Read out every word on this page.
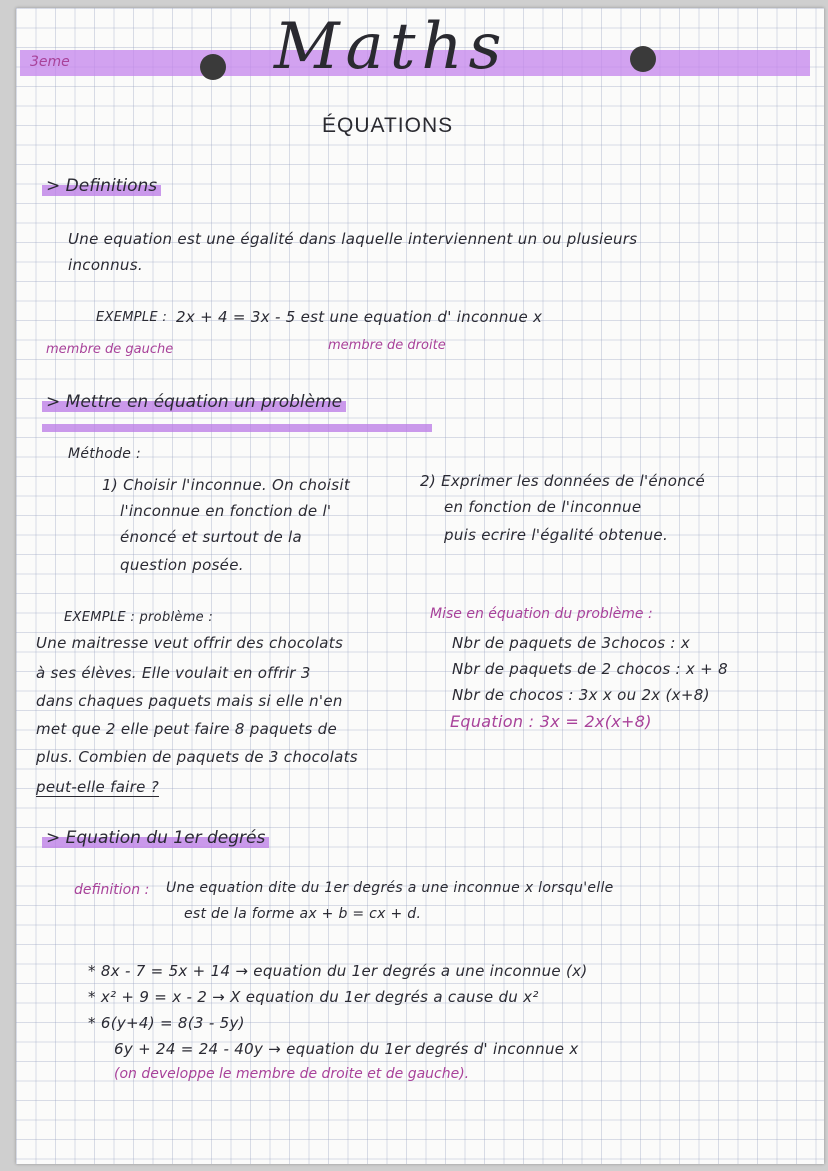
3eme	Maths
ÉQUATIONS
> Definitions
Une equation est une égalité dans laquelle interviennent un ou plusieurs
inconnus.
EXEMPLE : 2x + 4 = 3x - 5 est une equation d' inconnue x
membre de gauche	membre de droite
> Mettre en équation un problème
Méthode :
1) Choisir l'inconnue. On choisit
l'inconnue en fonction de l'
énoncé et surtout de la
question posée.
2) Exprimer les données de l'énoncé
en fonction de l'inconnue
puis ecrire l'égalité obtenue.
EXEMPLE : problème :
Une maitresse veut offrir des chocolats
à ses élèves. Elle voulait en offrir 3
dans chaques paquets mais si elle n'en
met que 2 elle peut faire 8 paquets de
plus. Combien de paquets de 3 chocolats
peut-elle faire ?
Mise en équation du problème :
Nbr de paquets de 3chocos : x
Nbr de paquets de 2 chocos : x + 8
Nbr de chocos : 3x x ou 2x (x+8)
Equation : 3x = 2x(x+8)
> Equation du 1er degrés
definition : Une equation dite du 1er degrés a une inconnue x lorsqu'elle
est de la forme ax + b = cx + d.
* 8x - 7 = 5x + 14 → equation du 1er degrés a une inconnue (x)
* x² + 9 = x - 2 → X equation du 1er degrés a cause du x²
* 6(y+4) = 8(3 - 5y)
6y + 24 = 24 - 40y → equation du 1er degrés d' inconnue x
(on developpe le membre de droite et de gauche).
